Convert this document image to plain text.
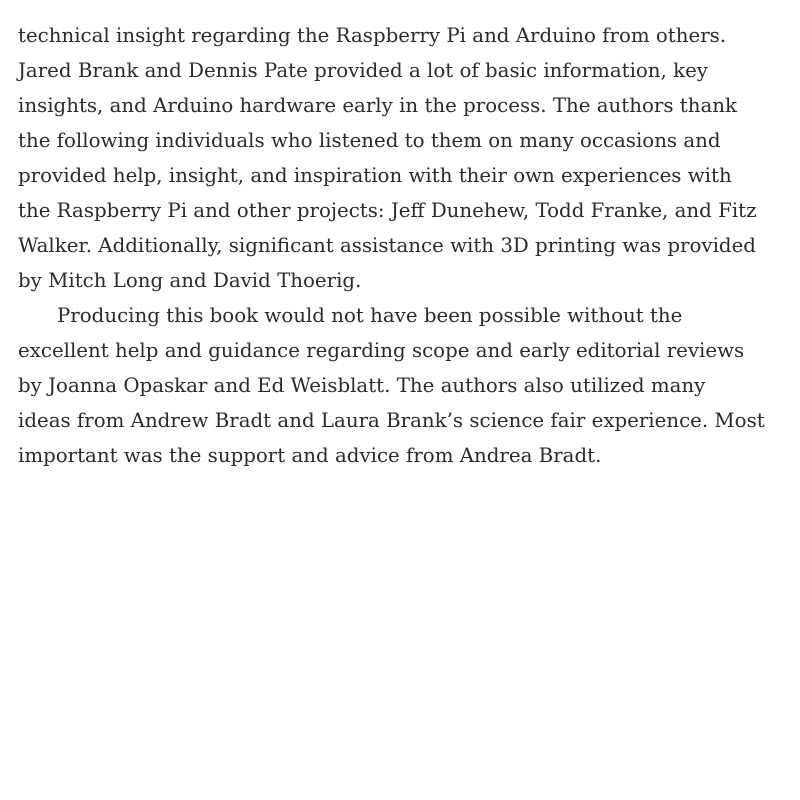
technical insight regarding the Raspberry Pi and Arduino from others.
Jared Brank and Dennis Pate provided a lot of basic information, key
insights, and Arduino hardware early in the process. The authors thank
the following individuals who listened to them on many occasions and
provided help, insight, and inspiration with their own experiences with
the Raspberry Pi and other projects: Jeff Dunehew, Todd Franke, and Fitz
Walker. Additionally, significant assistance with 3D printing was provided
by Mitch Long and David Thoerig.
Producing this book would not have been possible without the
excellent help and guidance regarding scope and early editorial reviews
by Joanna Opaskar and Ed Weisblatt. The authors also utilized many
ideas from Andrew Bradt and Laura Brank’s science fair experience. Most
important was the support and advice from Andrea Bradt.
